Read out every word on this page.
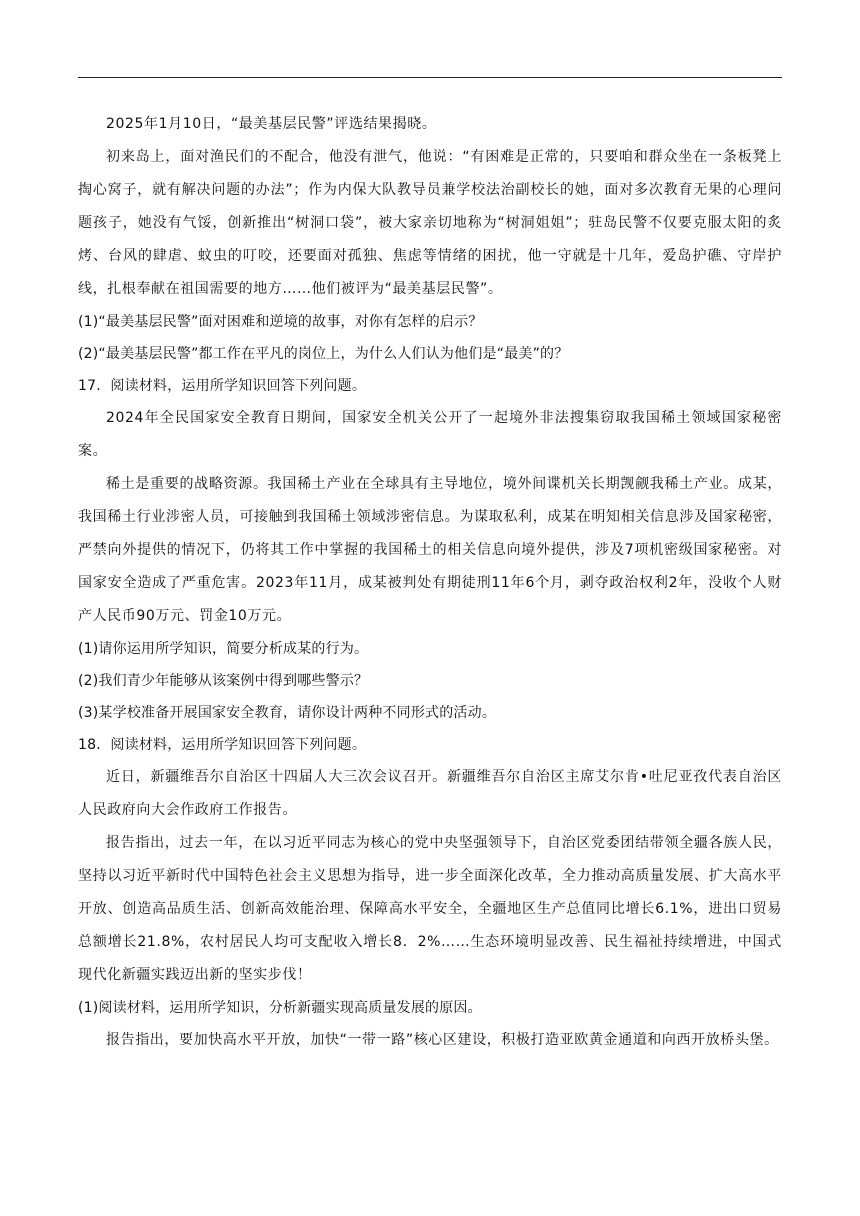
2025年1月10日，“最美基层民警”评选结果揭晓。

初来岛上，面对渔民们的不配合，他没有泄气，他说：“有困难是正常的，只要咱和群众坐在一条板凳上掏心窝子，就有解决问题的办法”；作为内保大队教导员兼学校法治副校长的她，面对多次教育无果的心理问题孩子，她没有气馁，创新推出“树洞口袋”，被大家亲切地称为“树洞姐姐”；驻岛民警不仅要克服太阳的炙烤、台风的肆虐、蚊虫的叮咬，还要面对孤独、焦虑等情绪的困扰，他一守就是十几年，爱岛护礁、守岸护线，扎根奉献在祖国需要的地方……他们被评为“最美基层民警”。

(1)“最美基层民警”面对困难和逆境的故事，对你有怎样的启示？

(2)“最美基层民警”都工作在平凡的岗位上，为什么人们认为他们是“最美”的？

17．阅读材料，运用所学知识回答下列问题。

2024年全民国家安全教育日期间，国家安全机关公开了一起境外非法搜集窃取我国稀土领域国家秘密案。

稀土是重要的战略资源。我国稀土产业在全球具有主导地位，境外间谍机关长期觊觎我稀土产业。成某，我国稀土行业涉密人员，可接触到我国稀土领域涉密信息。为谋取私利，成某在明知相关信息涉及国家秘密，严禁向外提供的情况下，仍将其工作中掌握的我国稀土的相关信息向境外提供，涉及7项机密级国家秘密。对国家安全造成了严重危害。2023年11月，成某被判处有期徒刑11年6个月，剥夺政治权利2年，没收个人财产人民币90万元、罚金10万元。

(1)请你运用所学知识，简要分析成某的行为。

(2)我们青少年能够从该案例中得到哪些警示？

(3)某学校准备开展国家安全教育，请你设计两种不同形式的活动。

18．阅读材料，运用所学知识回答下列问题。

近日，新疆维吾尔自治区十四届人大三次会议召开。新疆维吾尔自治区主席艾尔肯•吐尼亚孜代表自治区人民政府向大会作政府工作报告。

报告指出，过去一年，在以习近平同志为核心的党中央坚强领导下，自治区党委团结带领全疆各族人民，坚持以习近平新时代中国特色社会主义思想为指导，进一步全面深化改革，全力推动高质量发展、扩大高水平开放、创造高品质生活、创新高效能治理、保障高水平安全，全疆地区生产总值同比增长6.1%，进出口贸易总额增长21.8%，农村居民人均可支配收入增长8．2%……生态环境明显改善、民生福祉持续增进，中国式现代化新疆实践迈出新的坚实步伐！

(1)阅读材料，运用所学知识，分析新疆实现高质量发展的原因。

报告指出，要加快高水平开放，加快“一带一路”核心区建设，积极打造亚欧黄金通道和向西开放桥头堡。
